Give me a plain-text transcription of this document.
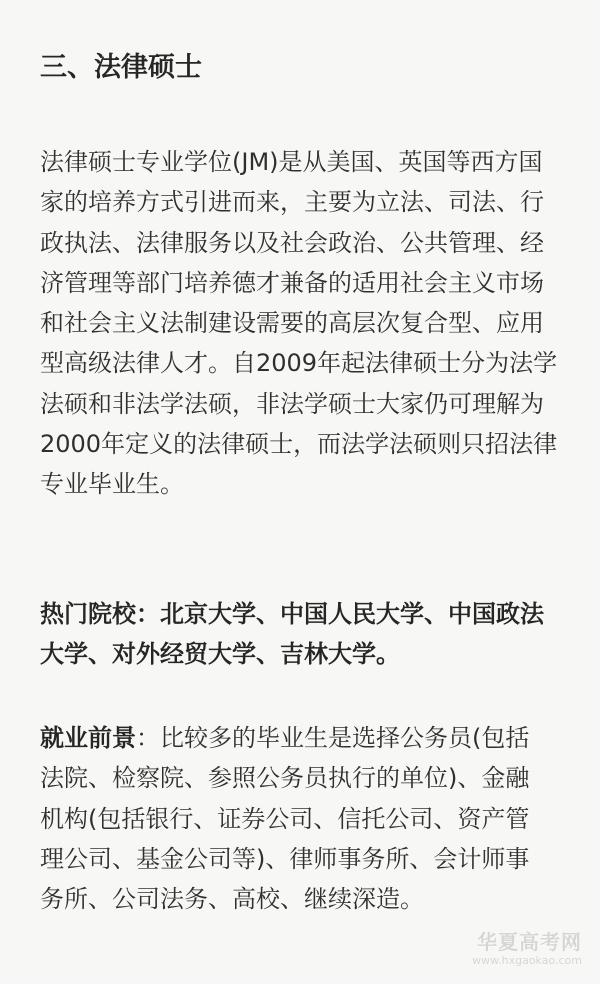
三、法律硕士
法律硕士专业学位(JM)是从美国、英国等西方国
家的培养方式引进而来，主要为立法、司法、行
政执法、法律服务以及社会政治、公共管理、经
济管理等部门培养德才兼备的适用社会主义市场
和社会主义法制建设需要的高层次复合型、应用
型高级法律人才。自2009年起法律硕士分为法学
法硕和非法学法硕，非法学硕士大家仍可理解为
2000年定义的法律硕士，而法学法硕则只招法律
专业毕业生。
热门院校：北京大学、中国人民大学、中国政法
大学、对外经贸大学、吉林大学。
就业前景：比较多的毕业生是选择公务员(包括
法院、检察院、参照公务员执行的单位)、金融
机构(包括银行、证券公司、信托公司、资产管
理公司、基金公司等)、律师事务所、会计师事
务所、公司法务、高校、继续深造。
华夏高考网
www.hxgaokao.com
